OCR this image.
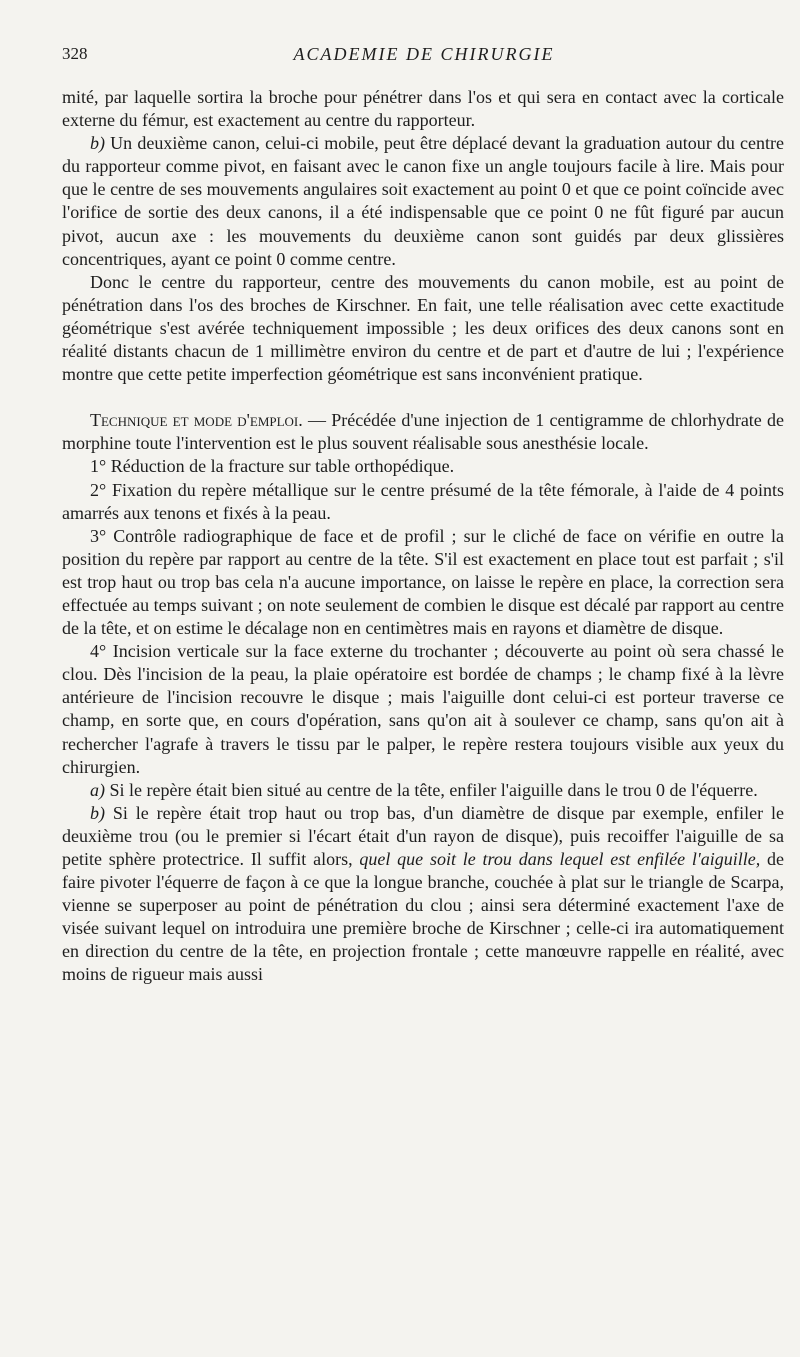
328	ACADEMIE DE CHIRURGIE

mité, par laquelle sortira la broche pour pénétrer dans l'os et qui sera en contact avec la corticale externe du fémur, est exactement au centre du rapporteur.

b) Un deuxième canon, celui-ci mobile, peut être déplacé devant la graduation autour du centre du rapporteur comme pivot, en faisant avec le canon fixe un angle toujours facile à lire. Mais pour que le centre de ses mouvements angulaires soit exactement au point 0 et que ce point coïncide avec l'orifice de sortie des deux canons, il a été indispensable que ce point 0 ne fût figuré par aucun pivot, aucun axe : les mouvements du deuxième canon sont guidés par deux glissières concentriques, ayant ce point 0 comme centre.

Donc le centre du rapporteur, centre des mouvements du canon mobile, est au point de pénétration dans l'os des broches de Kirschner. En fait, une telle réalisation avec cette exactitude géométrique s'est avérée techniquement impossible ; les deux orifices des deux canons sont en réalité distants chacun de 1 millimètre environ du centre et de part et d'autre de lui ; l'expérience montre que cette petite imperfection géométrique est sans inconvénient pratique.

Technique et mode d'emploi. — Précédée d'une injection de 1 centigramme de chlorhydrate de morphine toute l'intervention est le plus souvent réalisable sous anesthésie locale.

1° Réduction de la fracture sur table orthopédique.

2° Fixation du repère métallique sur le centre présumé de la tête fémorale, à l'aide de 4 points amarrés aux tenons et fixés à la peau.

3° Contrôle radiographique de face et de profil ; sur le cliché de face on vérifie en outre la position du repère par rapport au centre de la tête. S'il est exactement en place tout est parfait ; s'il est trop haut ou trop bas cela n'a aucune importance, on laisse le repère en place, la correction sera effectuée au temps suivant ; on note seulement de combien le disque est décalé par rapport au centre de la tête, et on estime le décalage non en centimètres mais en rayons et diamètre de disque.

4° Incision verticale sur la face externe du trochanter ; découverte au point où sera chassé le clou. Dès l'incision de la peau, la plaie opératoire est bordée de champs ; le champ fixé à la lèvre antérieure de l'incision recouvre le disque ; mais l'aiguille dont celui-ci est porteur traverse ce champ, en sorte que, en cours d'opération, sans qu'on ait à soulever ce champ, sans qu'on ait à rechercher l'agrafe à travers le tissu par le palper, le repère restera toujours visible aux yeux du chirurgien.

a) Si le repère était bien situé au centre de la tête, enfiler l'aiguille dans le trou 0 de l'équerre.

b) Si le repère était trop haut ou trop bas, d'un diamètre de disque par exemple, enfiler le deuxième trou (ou le premier si l'écart était d'un rayon de disque), puis recoiffer l'aiguille de sa petite sphère protectrice. Il suffit alors, quel que soit le trou dans lequel est enfilée l'aiguille, de faire pivoter l'équerre de façon à ce que la longue branche, couchée à plat sur le triangle de Scarpa, vienne se superposer au point de pénétration du clou ; ainsi sera déterminé exactement l'axe de visée suivant lequel on introduira une première broche de Kirschner ; celle-ci ira automatiquement en direction du centre de la tête, en projection frontale ; cette manœuvre rappelle en réalité, avec moins de rigueur mais aussi
